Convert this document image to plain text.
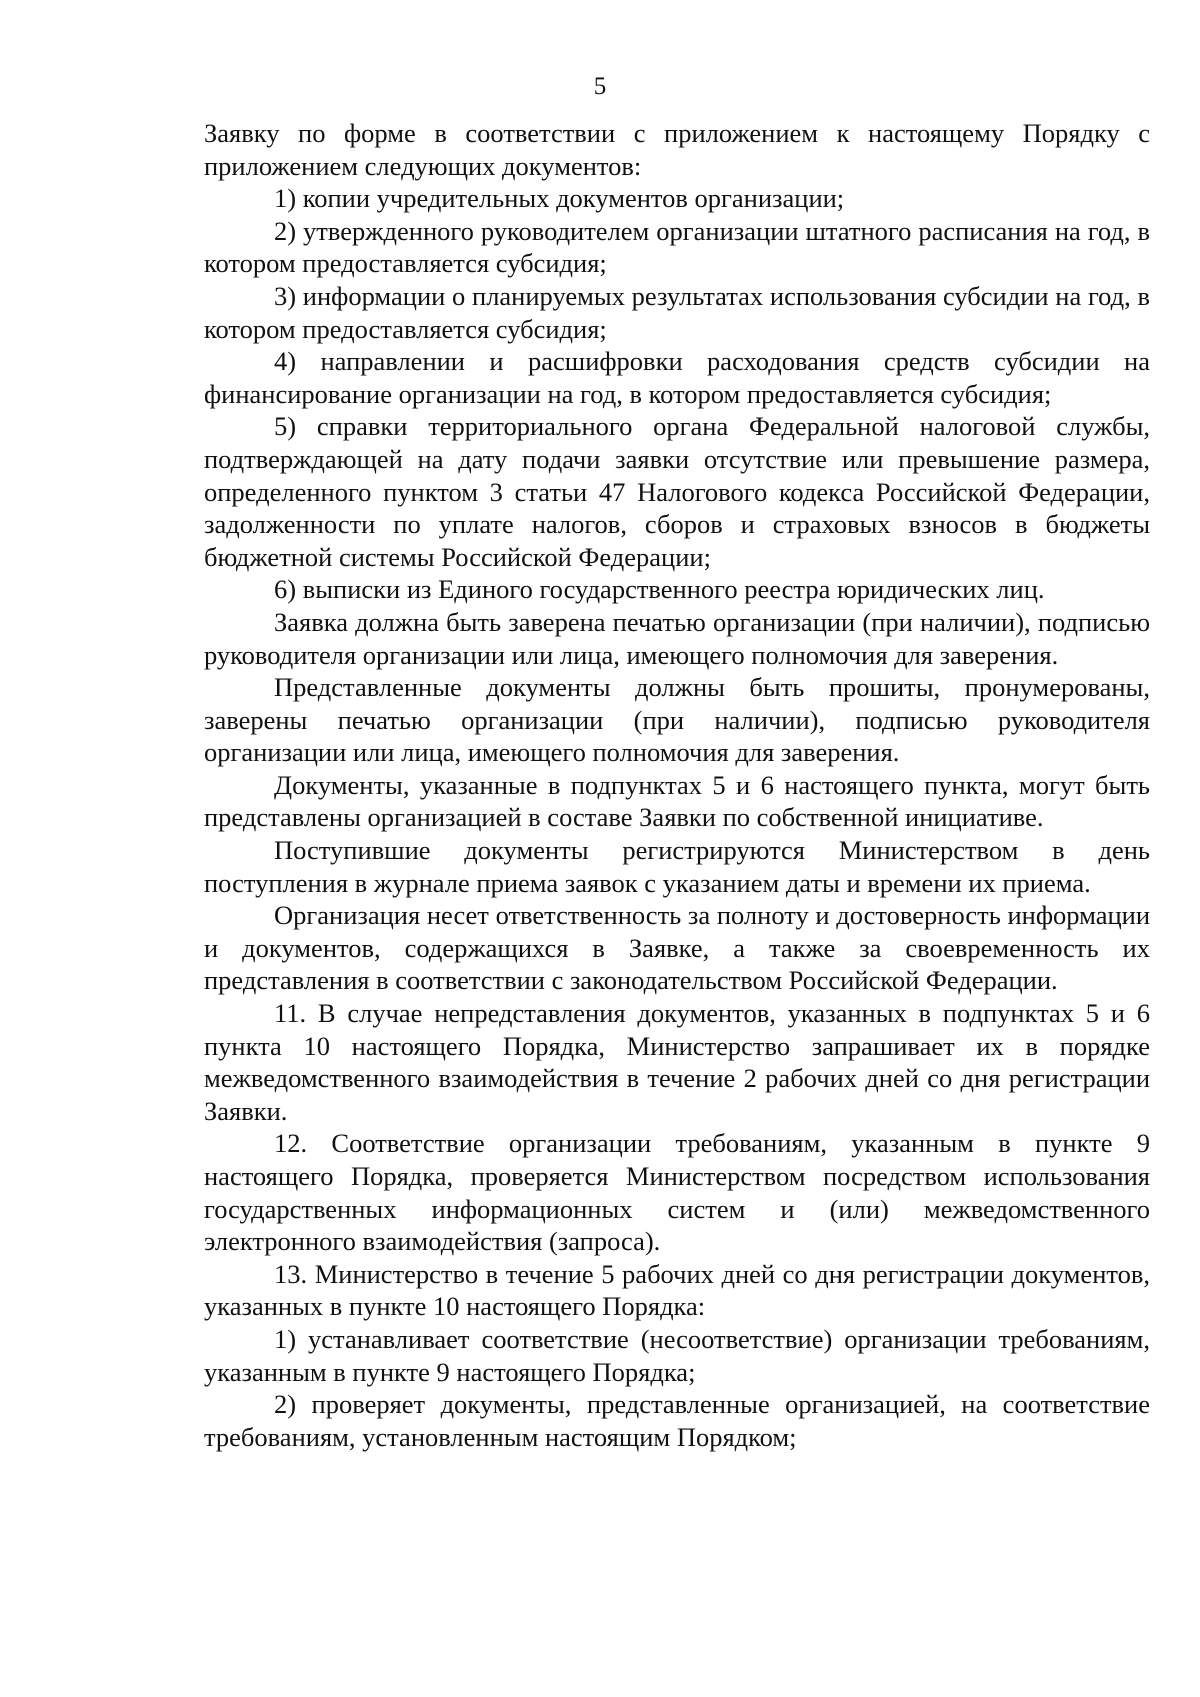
5

Заявку по форме в соответствии с приложением к настоящему Порядку с приложением следующих документов:

1) копии учредительных документов организации;

2) утвержденного руководителем организации штатного расписания на год, в котором предоставляется субсидия;

3) информации о планируемых результатах использования субсидии на год, в котором предоставляется субсидия;

4) направлении и расшифровки расходования средств субсидии на финансирование организации на год, в котором предоставляется субсидия;

5) справки территориального органа Федеральной налоговой службы, подтверждающей на дату подачи заявки отсутствие или превышение размера, определенного пунктом 3 статьи 47 Налогового кодекса Российской Федерации, задолженности по уплате налогов, сборов и страховых взносов в бюджеты бюджетной системы Российской Федерации;

6) выписки из Единого государственного реестра юридических лиц.

Заявка должна быть заверена печатью организации (при наличии), подписью руководителя организации или лица, имеющего полномочия для заверения.

Представленные документы должны быть прошиты, пронумерованы, заверены печатью организации (при наличии), подписью руководителя организации или лица, имеющего полномочия для заверения.

Документы, указанные в подпунктах 5 и 6 настоящего пункта, могут быть представлены организацией в составе Заявки по собственной инициативе.

Поступившие документы регистрируются Министерством в день поступления в журнале приема заявок с указанием даты и времени их приема.

Организация несет ответственность за полноту и достоверность информации и документов, содержащихся в Заявке, а также за своевременность их представления в соответствии с законодательством Российской Федерации.

11. В случае непредставления документов, указанных в подпунктах 5 и 6 пункта 10 настоящего Порядка, Министерство запрашивает их в порядке межведомственного взаимодействия в течение 2 рабочих дней со дня регистрации Заявки.

12. Соответствие организации требованиям, указанным в пункте 9 настоящего Порядка, проверяется Министерством посредством использования государственных информационных систем и (или) межведомственного электронного взаимодействия (запроса).

13. Министерство в течение 5 рабочих дней со дня регистрации документов, указанных в пункте 10 настоящего Порядка:

1) устанавливает соответствие (несоответствие) организации требованиям, указанным в пункте 9 настоящего Порядка;

2) проверяет документы, представленные организацией, на соответствие требованиям, установленным настоящим Порядком;
